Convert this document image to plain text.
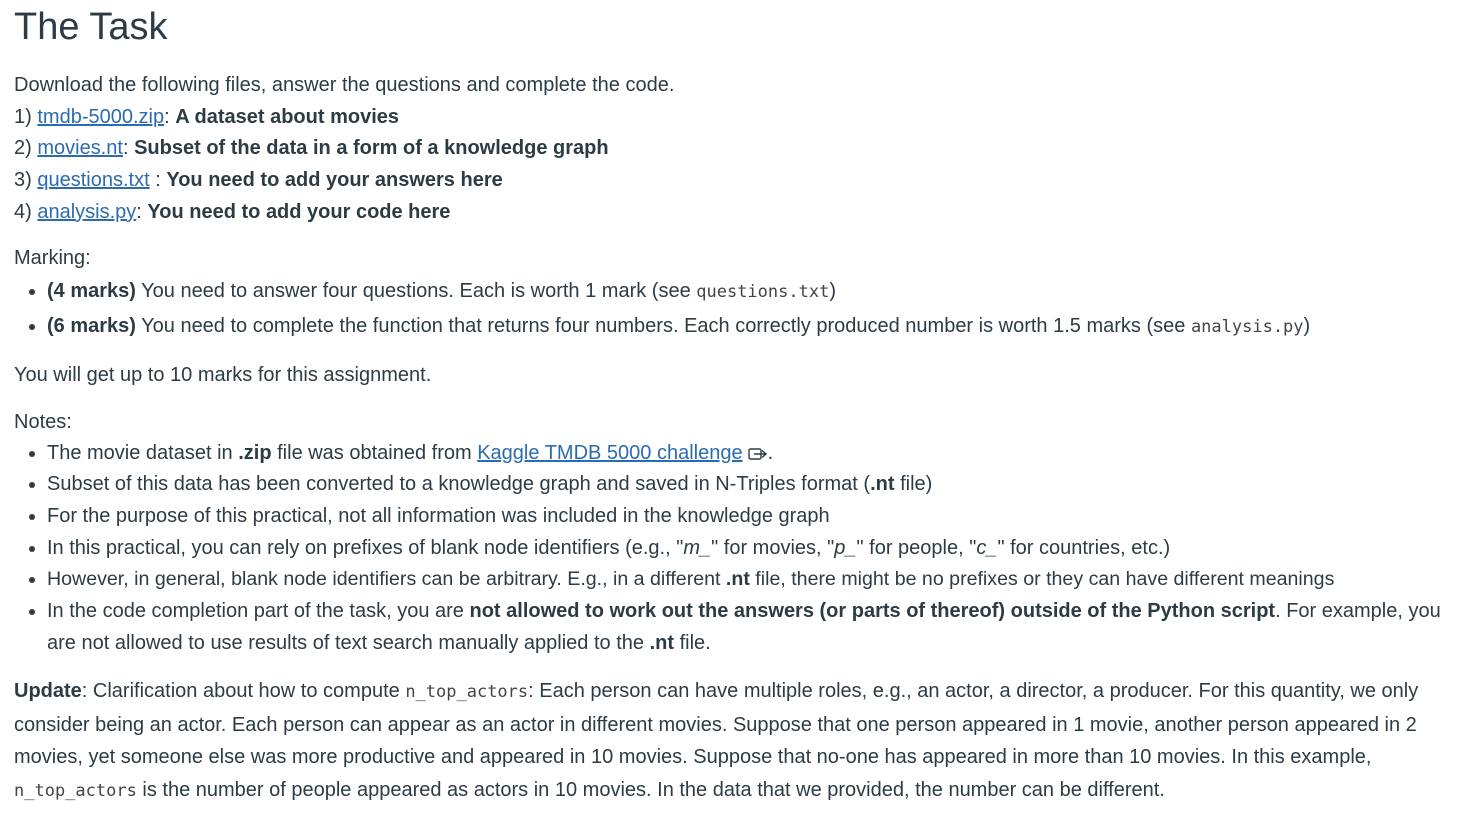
The Task
Download the following files, answer the questions and complete the code.
1) tmdb-5000.zip: A dataset about movies
2) movies.nt: Subset of the data in a form of a knowledge graph
3) questions.txt : You need to add your answers here
4) analysis.py: You need to add your code here

Marking:

• (4 marks) You need to answer four questions. Each is worth 1 mark (see questions.txt)
• (6 marks) You need to complete the function that returns four numbers. Each correctly produced number is worth 1.5 marks (see analysis.py)

You will get up to 10 marks for this assignment.

Notes:

• The movie dataset in .zip file was obtained from Kaggle TMDB 5000 challenge .
• Subset of this data has been converted to a knowledge graph and saved in N-Triples format (.nt file)
• For the purpose of this practical, not all information was included in the knowledge graph
• In this practical, you can rely on prefixes of blank node identifiers (e.g., "m_" for movies, "p_" for people, "c_" for countries, etc.)
• However, in general, blank node identifiers can be arbitrary. E.g., in a different .nt file, there might be no prefixes or they can have different meanings
• In the code completion part of the task, you are not allowed to work out the answers (or parts of thereof) outside of the Python script. For example, you are not allowed to use results of text search manually applied to the .nt file.

Update: Clarification about how to compute n_top_actors: Each person can have multiple roles, e.g., an actor, a director, a producer. For this quantity, we only consider being an actor. Each person can appear as an actor in different movies. Suppose that one person appeared in 1 movie, another person appeared in 2 movies, yet someone else was more productive and appeared in 10 movies. Suppose that no-one has appeared in more than 10 movies. In this example, n_top_actors is the number of people appeared as actors in 10 movies. In the data that we provided, the number can be different.
